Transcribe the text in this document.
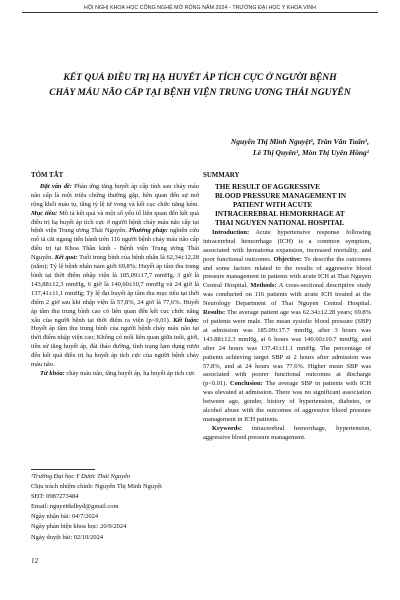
HỘI NGHỊ KHOA HỌC CÔNG NGHỆ MỞ RỘNG NĂM 2024 - TRƯỜNG ĐẠI HỌC Y KHOA VINH
KẾT QUẢ ĐIỀU TRỊ HẠ HUYẾT ÁP TÍCH CỰC Ở NGƯỜI BỆNH
CHẢY MÁU NÃO CẤP TẠI BỆNH VIỆN TRUNG ƯƠNG THÁI NGUYÊN
Nguyễn Thị Minh Nguyệt¹, Trần Văn Tuấn¹,
Lê Thị Quyên¹, Mòn Thị Uyên Hồng¹
TÓM TẮT

Đặt vấn đề: Phản ứng tăng huyết áp cấp tính sau chảy máu não cấp là một triệu chứng thường gặp, liên quan đến sự mở rộng khối máu tụ, tăng tỷ lệ tử vong và kết cục chức năng kém. Mục tiêu: Mô tả kết quả và một số yếu tố liên quan đến kết quả điều trị hạ huyết áp tích cực ở người bệnh chảy máu não cấp tại bệnh viện Trung ương Thái Nguyên. Phương pháp: nghiên cứu mô tả cắt ngang tiến hành trên 116 người bệnh chảy máu não cấp điều trị tại Khoa Thần kinh - Bệnh viện Trung ương Thái Nguyên. Kết quả: Tuổi trung bình của bệnh nhân là 62,34±12,28 (năm); Tỷ lệ bệnh nhân nam giới 69,8%; Huyết áp tâm thu trung bình tại thời điểm nhập viện là 185,09±17,7 mmHg, 3 giờ là 143,88±12,3 mmHg, 6 giờ là 140,60±10,7 mmHg và 24 giờ là 137,41±11,1 mmHg; Tỷ lệ đạt huyết áp tâm thu mục tiêu tại thời điểm 2 giờ sau khi nhập viện là 57,8%, 24 giờ là 77,6%. Huyết áp tâm thu trung bình cao có liên quan đến kết cục chức năng xấu của người bệnh tại thời điểm ra viện (p<0,01). Kết luận: Huyết áp tâm thu trung bình của người bệnh chảy máu não tại thời điểm nhập viện cao; Không có mối liên quan giữa tuổi, giới, tiền sử tăng huyết áp, đái tháo đường, tình trạng lạm dụng rượu đến kết quả điều trị hạ huyết áp tích cực của người bệnh chảy máu não.

Từ khóa: chảy máu não, tăng huyết áp, hạ huyết áp tích cực

¹Trường Đại học Y Dược Thái Nguyên
Chịu trách nhiệm chính: Nguyễn Thị Minh Nguyệt
SĐT: 0987273484
Email: nguyettkdhyd@gmail.com
Ngày nhận bài: 04/7/2024
Ngày phản biện khoa học: 20/9/2024
Ngày duyệt bài: 02/10/2024
12
SUMMARY
THE RESULT OF AGGRESSIVE
BLOOD PRESSURE MANAGEMENT IN
PATIENT WITH ACUTE
INTRACEREBRAL HEMORRHAGE AT
THAI NGUYEN NATIONAL HOSPITAL

Introduction: Acute hypertensive response following intracerebral hemorrhage (ICH) is a common symptom, associated with hematoma expansion, increased mortality, and poor functional outcomes. Objective: To describe the outcomes and some factors related to the results of aggressive blood pressure management in patients with acute ICH at Thai Nguyen Central Hospital. Methods: A cross-sectional descriptive study was conducted on 116 patients with acute ICH treated at the Neurology Department of Thai Nguyen Central Hospital. Results: The average patient age was 62.34±12.28 years; 69.8% of patients were male. The mean systolic blood pressure (SBP) at admission was 185.09±17.7 mmHg, after 3 hours was 143.88±12.3 mmHg, at 6 hours was 140.60±10.7 mmHg, and after 24 hours was 137.41±11.1 mmHg. The percentage of patients achieving target SBP at 2 hours after admission was 57.8%, and at 24 hours was 77.6%. Higher mean SBP was associated with poorer functional outcomes at discharge (p<0.01). Conclusion: The average SBP in patients with ICH was elevated at admission. There was no significant association between age, gender, history of hypertension, diabetes, or alcohol abuse with the outcomes of aggressive blood pressure management in ICH patients.

Keywords: intracerebral hemorrhage, hypertension, aggressive blood pressure management.
